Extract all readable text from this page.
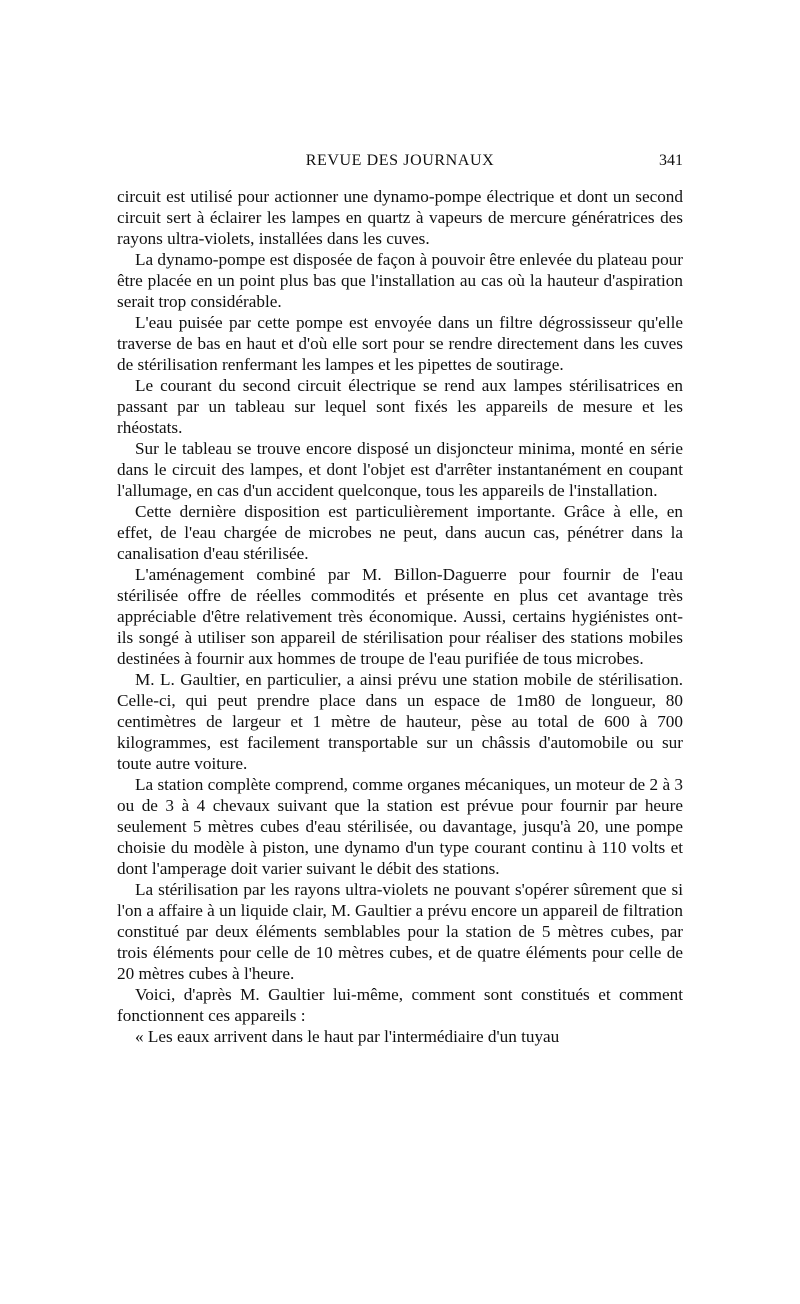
REVUE DES JOURNAUX	341

circuit est utilisé pour actionner une dynamo-pompe électrique et dont un second circuit sert à éclairer les lampes en quartz à vapeurs de mercure génératrices des rayons ultra-violets, installées dans les cuves.

La dynamo-pompe est disposée de façon à pouvoir être enlevée du plateau pour être placée en un point plus bas que l'installation au cas où la hauteur d'aspiration serait trop considérable.

L'eau puisée par cette pompe est envoyée dans un filtre dégrossisseur qu'elle traverse de bas en haut et d'où elle sort pour se rendre directement dans les cuves de stérilisation renfermant les lampes et les pipettes de soutirage.

Le courant du second circuit électrique se rend aux lampes stérilisatrices en passant par un tableau sur lequel sont fixés les appareils de mesure et les rhéostats.

Sur le tableau se trouve encore disposé un disjoncteur minima, monté en série dans le circuit des lampes, et dont l'objet est d'arrêter instantanément en coupant l'allumage, en cas d'un accident quelconque, tous les appareils de l'installation.

Cette dernière disposition est particulièrement importante. Grâce à elle, en effet, de l'eau chargée de microbes ne peut, dans aucun cas, pénétrer dans la canalisation d'eau stérilisée.

L'aménagement combiné par M. Billon-Daguerre pour fournir de l'eau stérilisée offre de réelles commodités et présente en plus cet avantage très appréciable d'être relativement très économique. Aussi, certains hygiénistes ont-ils songé à utiliser son appareil de stérilisation pour réaliser des stations mobiles destinées à fournir aux hommes de troupe de l'eau purifiée de tous microbes.

M. L. Gaultier, en particulier, a ainsi prévu une station mobile de stérilisation. Celle-ci, qui peut prendre place dans un espace de 1m80 de longueur, 80 centimètres de largeur et 1 mètre de hauteur, pèse au total de 600 à 700 kilogrammes, est facilement transportable sur un châssis d'automobile ou sur toute autre voiture.

La station complète comprend, comme organes mécaniques, un moteur de 2 à 3 ou de 3 à 4 chevaux suivant que la station est prévue pour fournir par heure seulement 5 mètres cubes d'eau stérilisée, ou davantage, jusqu'à 20, une pompe choisie du modèle à piston, une dynamo d'un type courant continu à 110 volts et dont l'amperage doit varier suivant le débit des stations.

La stérilisation par les rayons ultra-violets ne pouvant s'opérer sûrement que si l'on a affaire à un liquide clair, M. Gaultier a prévu encore un appareil de filtration constitué par deux éléments semblables pour la station de 5 mètres cubes, par trois éléments pour celle de 10 mètres cubes, et de quatre éléments pour celle de 20 mètres cubes à l'heure.

Voici, d'après M. Gaultier lui-même, comment sont constitués et comment fonctionnent ces appareils :

« Les eaux arrivent dans le haut par l'intermédiaire d'un tuyau
